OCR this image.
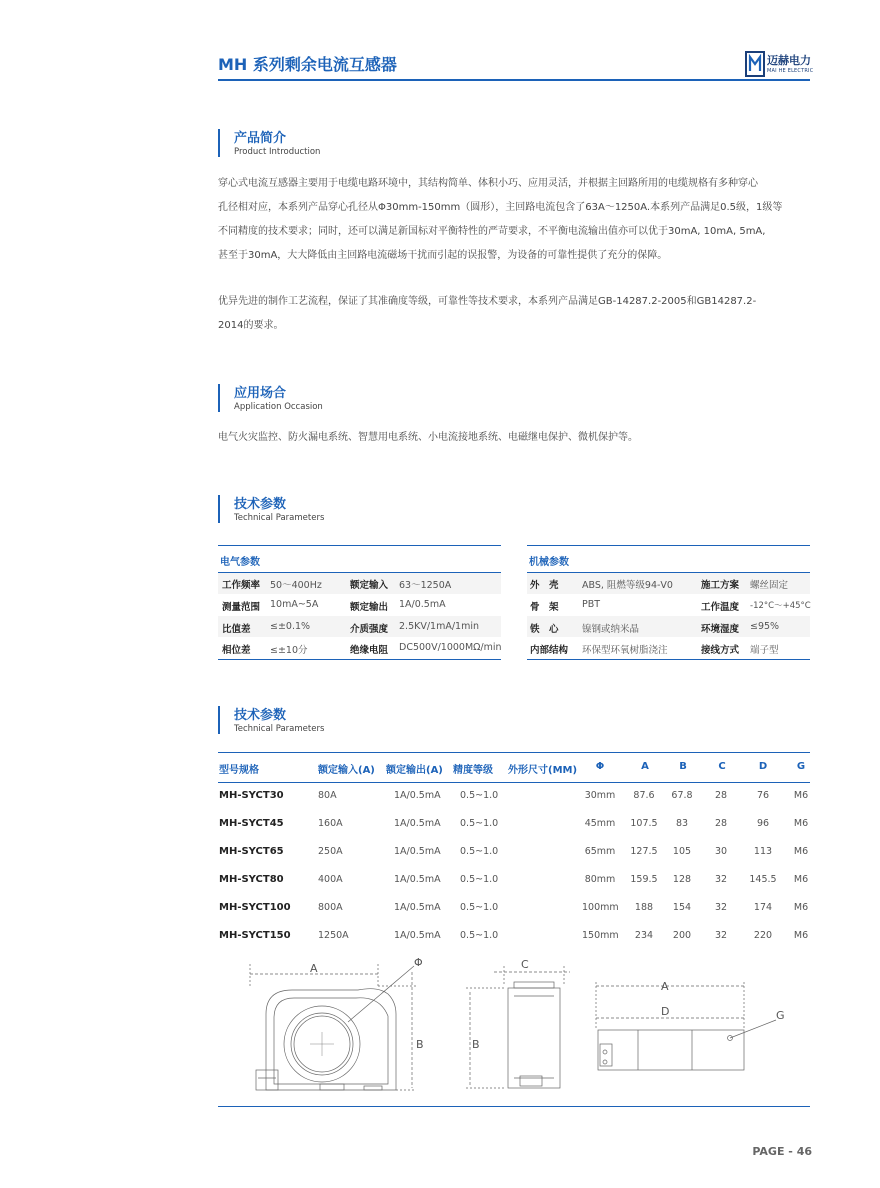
MH 系列剩余电流互感器	迈赫电力
MAI HE ELECTRIC
产品简介
Product Introduction
穿心式电流互感器主要用于电缆电路环境中，其结构简单、体积小巧、应用灵活，并根据主回路所用的电缆规格有多种穿心
孔径相对应，本系列产品穿心孔径从Φ30mm-150mm（圆形），主回路电流包含了63A～1250A.本系列产品满足0.5级，1级等
不同精度的技术要求；同时，还可以满足新国标对平衡特性的严苛要求，不平衡电流输出值亦可以优于30mA, 10mA, 5mA,
甚至于30mA，大大降低由主回路电流磁场干扰而引起的误报警，为设备的可靠性提供了充分的保障。
优异先进的制作工艺流程，保证了其准确度等级，可靠性等技术要求，本系列产品满足GB-14287.2-2005和GB14287.2-
2014的要求。
应用场合
Application Occasion
电气火灾监控、防火漏电系统、智慧用电系统、小电流接地系统、电磁继电保护、微机保护等。
技术参数
Technical Parameters
电气参数
工作频率 50～400Hz	额定输入 63～1250A
测量范围 10mA~5A	额定输出 1A/0.5mA
比值差 ≤±0.1%	介质强度 2.5KV/1mA/1min
相位差 ≤±10分	绝缘电阻 DC500V/1000MΩ/min
机械参数
外　壳 ABS, 阻燃等级94-V0	施工方案 螺丝固定
骨　架 PBT	工作温度 -12°C～+45°C
铁　心 镍钢或纳米晶	环境湿度 ≤95%
内部结构 环保型环氧树脂浇注	接线方式 端子型
技术参数
Technical Parameters
型号规格	额定输入(A) 额定输出(A) 精度等级 外形尺寸(MM)	Φ	A	B	C	D	G
MH-SYCT30	80A	1A/0.5mA 0.5~1.0	30mm	87.6	67.8	28	76	M6
MH-SYCT45	160A	1A/0.5mA 0.5~1.0	45mm 107.5	83	28	96	M6
MH-SYCT65	250A	1A/0.5mA 0.5~1.0	65mm 127.5	105	30	113	M6
MH-SYCT80	400A	1A/0.5mA 0.5~1.0	80mm 159.5	128	32	145.5	M6
MH-SYCT100	800A	1A/0.5mA 0.5~1.0	100mm	188	154	32	174	M6
MH-SYCT150	1250A	1A/0.5mA 0.5~1.0	150mm	234	200	32	220	M6
A	Φ
B
C
B
A
D	G
PAGE - 46
